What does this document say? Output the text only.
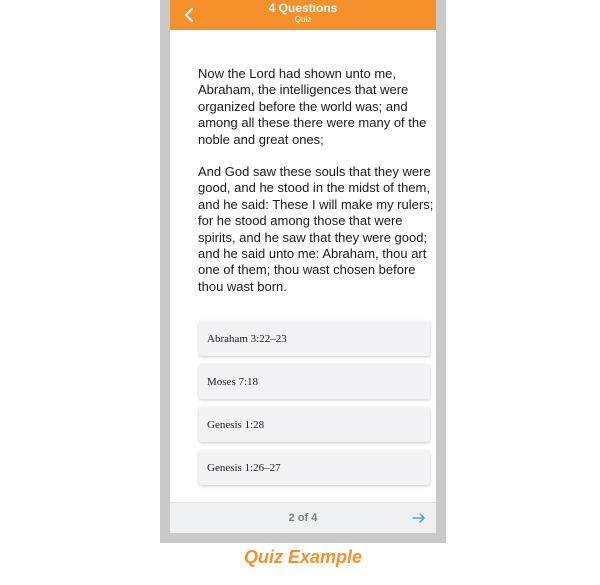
4 Questions
Quiz

Now the Lord had shown unto me, Abraham, the intelligences that were organized before the world was; and among all these there were many of the noble and great ones;

And God saw these souls that they were good, and he stood in the midst of them, and he said: These I will make my rulers; for he stood among those that were spirits, and he saw that they were good; and he said unto me: Abraham, thou art one of them; thou wast chosen before thou wast born.

Abraham 3:22–23
Moses 7:18
Genesis 1:28
Genesis 1:26–27
2 of 4
Quiz Example
